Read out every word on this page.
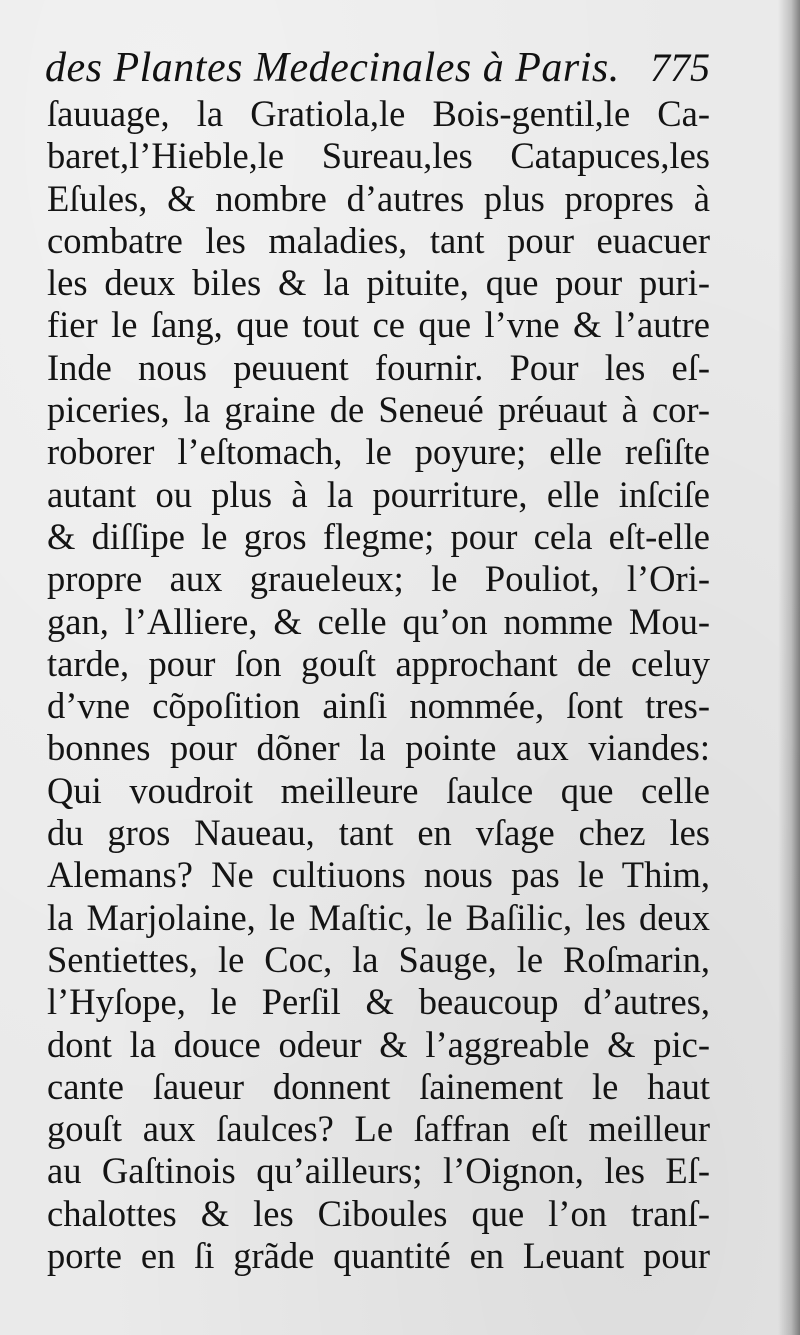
des Plantes Medecinales à Paris. 775
ſauuage, la Gratiola,le Bois-gentil,le Ca-
baret,l’Hieble,le Sureau,les Catapuces,les
Eſules, & nombre d’autres plus propres à
combatre les maladies, tant pour euacuer
les deux biles & la pituite, que pour puri-
fier le ſang, que tout ce que l’vne & l’autre
Inde nous peuuent fournir. Pour les eſ-
piceries, la graine de Seneué préuaut à cor-
roborer l’eſtomach, le poyure; elle reſiſte
autant ou plus à la pourriture, elle inſciſe
& diſſipe le gros flegme; pour cela eſt-elle
propre aux graueleux; le Pouliot, l’Ori-
gan, l’Alliere, & celle qu’on nomme Mou-
tarde, pour ſon gouſt approchant de celuy
d’vne cõpoſition ainſi nommée, ſont tres-
bonnes pour dõner la pointe aux viandes:
Qui voudroit meilleure ſaulce que celle
du gros Naueau, tant en vſage chez les
Alemans? Ne cultiuons nous pas le Thim,
la Marjolaine, le Maſtic, le Baſilic, les deux
Sentiettes, le Coc, la Sauge, le Roſmarin,
l’Hyſope, le Perſil & beaucoup d’autres,
dont la douce odeur & l’aggreable & pic-
cante ſaueur donnent ſainement le haut
gouſt aux ſaulces? Le ſaffran eſt meilleur
au Gaſtinois qu’ailleurs; l’Oignon, les Eſ-
chalottes & les Ciboules que l’on tranſ-
porte en ſi grãde quantité en Leuant pour
